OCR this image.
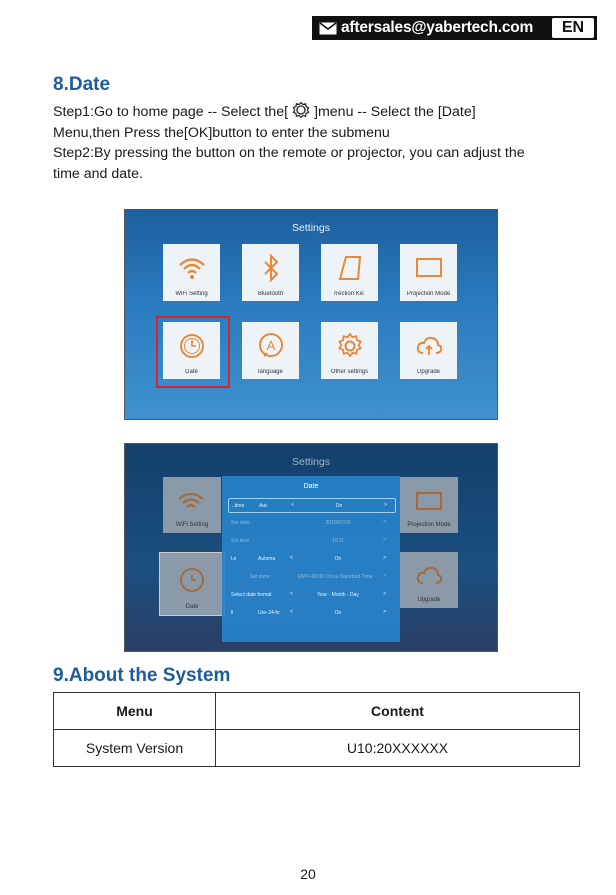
aftersales@yabertech.com	EN
8.Date
Step1:Go to home page -- Select the[ ]menu -- Select the [Date]
Menu,then Press the[OK]button to enter the submenu
Step2:By pressing the button on the remote or projector, you can adjust the
time and date.
Settings
WiFi Setting	Bluetooth	rrection Ke:	Projection Mode
Date
A
language	Other settings	Upgrade
Settings
WiFi Setting	Projection Mode
Date
Upgrade
Date
..time	Aut:	<	On	>
Set date	2019/07/26	>
Set time	10:11	>
l.e	Automa	<	On	>
Set zone	GMT+08:00 China Standard Time	>
Select date format	<	Year - Month - Day	>
ll	Use 24-hr <	On	>
9.About the System
Menu	Content
System Version	U10:20XXXXXX
20
